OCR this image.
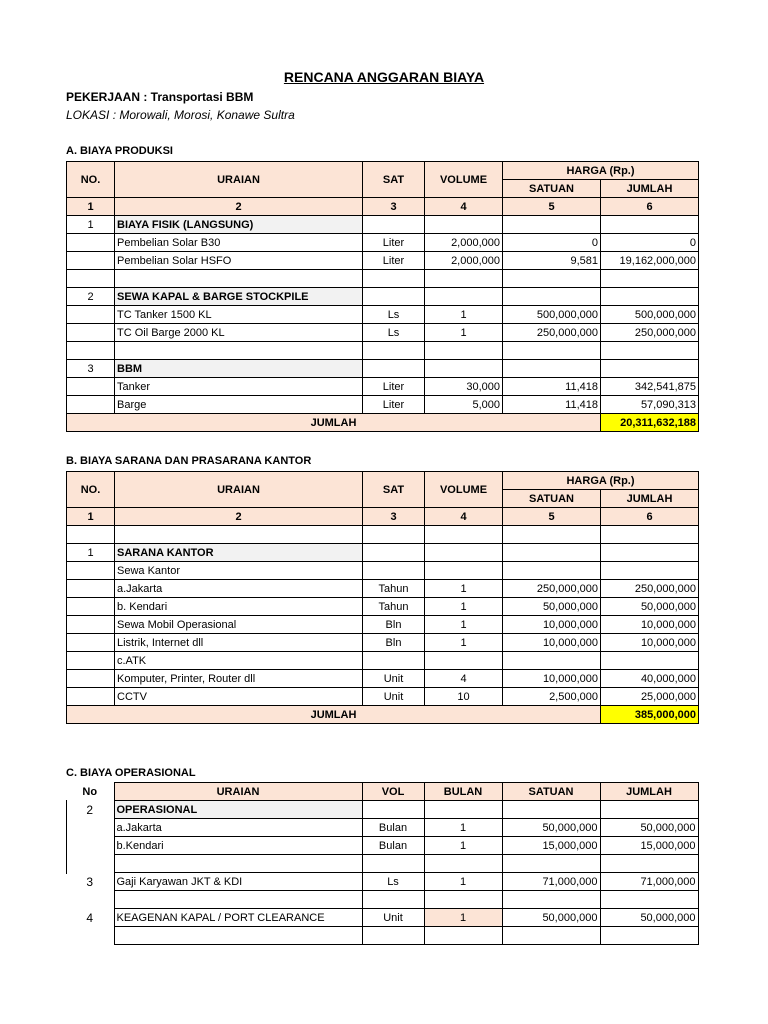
RENCANA ANGGARAN BIAYA
PEKERJAAN : Transportasi BBM
LOKASI : Morowali, Morosi, Konawe Sultra
A. BIAYA PRODUKSI
NO.	URAIAN	SAT	VOLUME	HARGA (Rp.)	
				SATUAN	JUMLAH
1	2	3	4	5	6
1	BIAYA FISIK (LANGSUNG)				
	Pembelian Solar B30	Liter	2,000,000	0	0
	Pembelian Solar HSFO	Liter	2,000,000	9,581	19,162,000,000

2	SEWA KAPAL & BARGE STOCKPILE				
	TC Tanker 1500 KL	Ls	1	500,000,000	500,000,000
	TC Oil Barge 2000 KL	Ls	1	250,000,000	250,000,000

3	BBM				
	Tanker	Liter	30,000	11,418	342,541,875
	Barge	Liter	5,000	11,418	57,090,313
JUMLAH					20,311,632,188
B. BIAYA SARANA DAN PRASARANA KANTOR
NO.	URAIAN	SAT	VOLUME	HARGA (Rp.)	
				SATUAN	JUMLAH
1	2	3	4	5	6

1	SARANA KANTOR				
	Sewa Kantor				
	a.Jakarta	Tahun	1	250,000,000	250,000,000
	b. Kendari	Tahun	1	50,000,000	50,000,000
	Sewa Mobil Operasional	Bln	1	10,000,000	10,000,000
	Listrik, Internet dll	Bln	1	10,000,000	10,000,000
	c.ATK				
	Komputer, Printer, Router dll	Unit	4	10,000,000	40,000,000
	CCTV	Unit	10	2,500,000	25,000,000
JUMLAH					385,000,000
C. BIAYA OPERASIONAL
No	URAIAN	VOL	BULAN	SATUAN	JUMLAH
2	OPERASIONAL				
	a.Jakarta	Bulan	1	50,000,000	50,000,000
	b.Kendari	Bulan	1	15,000,000	15,000,000

3	Gaji Karyawan JKT & KDI	Ls	1	71,000,000	71,000,000

4	KEAGENAN KAPAL / PORT CLEARANCE	Unit	1	50,000,000	50,000,000
